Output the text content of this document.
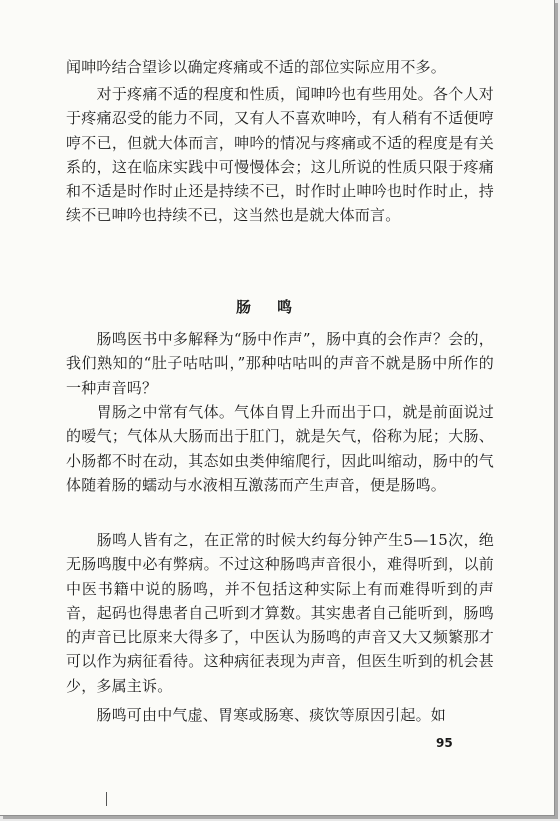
闻呻吟结合望诊以确定疼痛或不适的部位实际应用不多。

　　对于疼痛不适的程度和性质，闻呻吟也有些用处。各个人对于疼痛忍受的能力不同，又有人不喜欢呻吟，有人稍有不适便哼哼不已，但就大体而言，呻吟的情况与疼痛或不适的程度是有关系的，这在临床实践中可慢慢体会；这儿所说的性质只限于疼痛和不适是时作时止还是持续不已，时作时止呻吟也时作时止，持续不已呻吟也持续不已，这当然也是就大体而言。

肠鸣

　　肠鸣医书中多解释为“肠中作声”，肠中真的会作声？会的，我们熟知的“肚子咕咕叫，”那种咕咕叫的声音不就是肠中所作的一种声音吗？

　　胃肠之中常有气体。气体自胃上升而出于口，就是前面说过的嗳气；气体从大肠而出于肛门，就是矢气，俗称为屁；大肠、小肠都不时在动，其态如虫类伸缩爬行，因此叫缩动，肠中的气体随着肠的蠕动与水液相互激荡而产生声音，便是肠鸣。

　　肠鸣人皆有之，在正常的时候大约每分钟产生5—15次，绝无肠鸣腹中必有弊病。不过这种肠鸣声音很小，难得听到，以前中医书籍中说的肠鸣，并不包括这种实际上有而难得听到的声音，起码也得患者自己听到才算数。其实患者自己能听到，肠鸣的声音已比原来大得多了，中医认为肠鸣的声音又大又频繁那才可以作为病征看待。这种病征表现为声音，但医生听到的机会甚少，多属主诉。

　　肠鸣可由中气虚、胃寒或肠寒、痰饮等原因引起。如

95
